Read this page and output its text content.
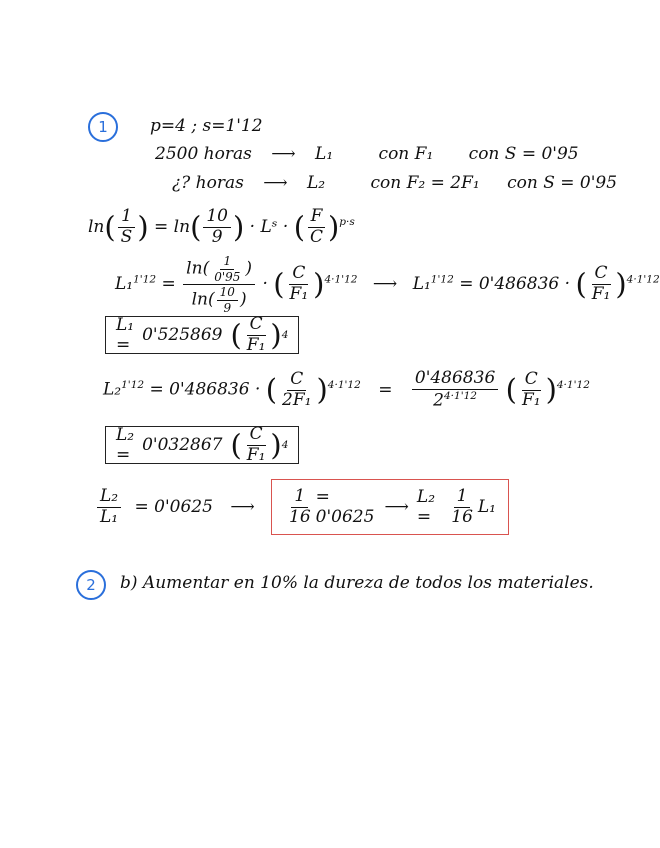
1	p=4 ; s=1'12
2500 horas ⟶ L₁	con F₁ con S = 0'95
¿? horas ⟶ L₂	con F₂ = 2F₁ con S = 0'95
$\ln( \frac{1}{S}$ ) = $\ln( \frac{10}{9}$ ) · Lˢ · ( $\frac{F}{C} )^{p\cdot s}$
$L_1^{1'12} = \frac{\ln( \frac{1}{0'95} )}{\ln( \frac{10}{9} )}$ · ( $\frac{C}{\text{F₁}} )^{4\cdot 1'12}$ ⟶ L₁$^{1'12}$ = 0'486836 · ( $\frac{C}{\text{F₁}} )^{4\cdot 1'12}$
L₁ = 0'525869 ( $\frac{C}{\text{F₁}}$ ) 4
L₂$^{1'12}$ = 0'486836 · ( $\frac{C}{\text{2F₁}} )^{4\cdot 1'12} = \frac{0'486836}{2^{4\cdot 1'12}}$ ( $\frac{C}{\text{F₁}} )^{4\cdot 1'12}$
L₂ = 0'032867 ( $\frac{C}{\text{F₁}}$ ) 4
$\frac{\text{L₂}}{\text{L₁}} = 0'0625$ ⟶ $\frac{1}{16} = 0'0625$ ⟶ L₂ =	$\frac{1}{16} L_1$
2	b) Aumentar en 10% la dureza de todos los materiales.
